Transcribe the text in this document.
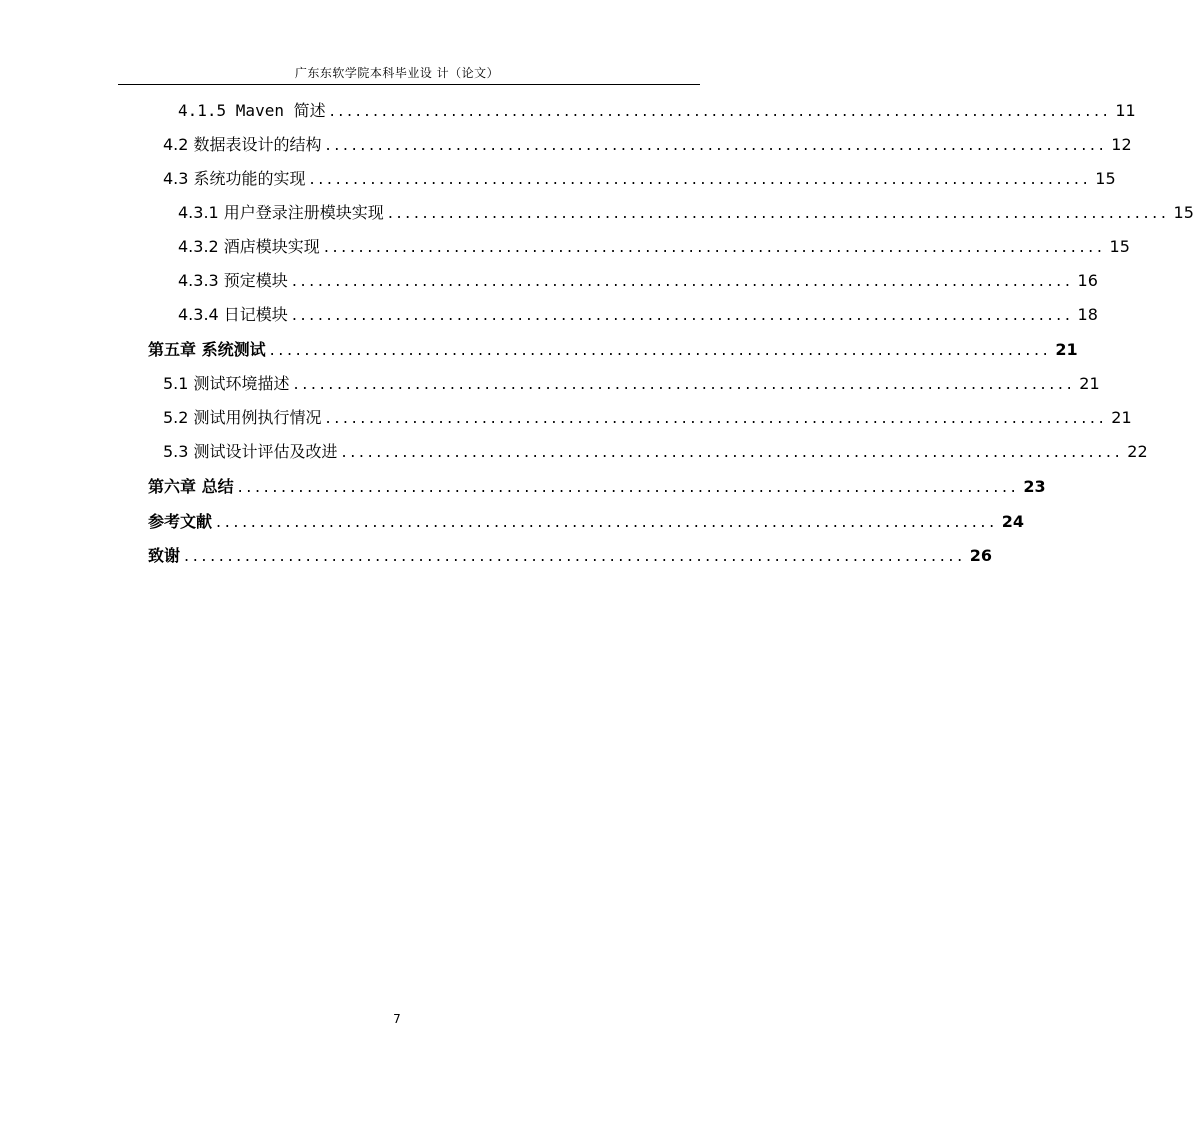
广东东软学院本科毕业设 计（论文）
4.1.5 Maven 简述 .......................................................................................... 11
4.2 数据表设计的结构 .......................................................................................... 12
4.3 系统功能的实现 .......................................................................................... 15
4.3.1 用户登录注册模块实现 .......................................................................................... 15
4.3.2 酒店模块实现 .......................................................................................... 15
4.3.3 预定模块 .......................................................................................... 16
4.3.4 日记模块 .......................................................................................... 18
第五章 系统测试 .......................................................................................... 21
5.1 测试环境描述 .......................................................................................... 21
5.2 测试用例执行情况 .......................................................................................... 21
5.3 测试设计评估及改进 .......................................................................................... 22
第六章 总结 .......................................................................................... 23
参考文献 .......................................................................................... 24
致谢 .......................................................................................... 26
7
